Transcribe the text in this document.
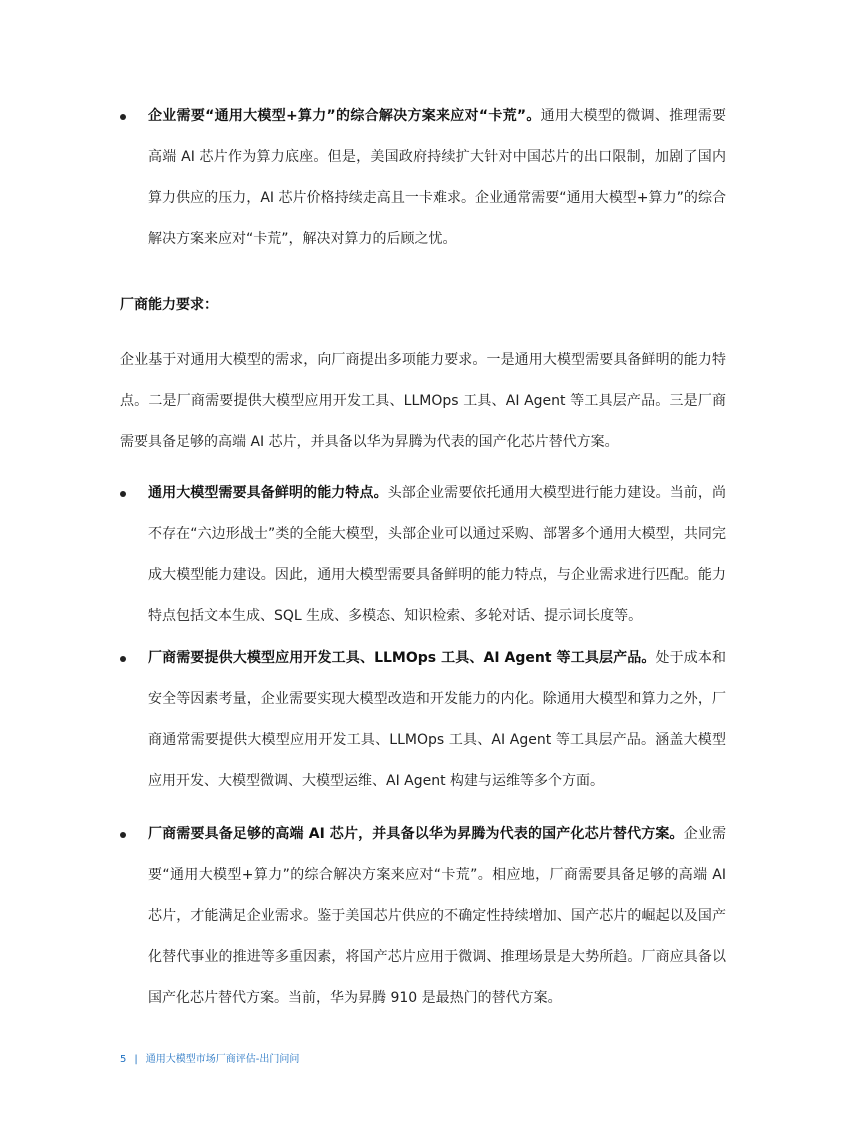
企业需要“通用大模型+算力”的综合解决方案来应对“卡荒”。通用大模型的微调、推理需要高端 AI 芯片作为算力底座。但是，美国政府持续扩大针对中国芯片的出口限制，加剧了国内算力供应的压力，AI 芯片价格持续走高且一卡难求。企业通常需要“通用大模型+算力”的综合解决方案来应对“卡荒”，解决对算力的后顾之忧。
厂商能力要求：
企业基于对通用大模型的需求，向厂商提出多项能力要求。一是通用大模型需要具备鲜明的能力特点。二是厂商需要提供大模型应用开发工具、LLMOps 工具、AI Agent 等工具层产品。三是厂商需要具备足够的高端 AI 芯片，并具备以华为昇腾为代表的国产化芯片替代方案。
通用大模型需要具备鲜明的能力特点。头部企业需要依托通用大模型进行能力建设。当前，尚不存在“六边形战士”类的全能大模型，头部企业可以通过采购、部署多个通用大模型，共同完成大模型能力建设。因此，通用大模型需要具备鲜明的能力特点，与企业需求进行匹配。能力特点包括文本生成、SQL 生成、多模态、知识检索、多轮对话、提示词长度等。
厂商需要提供大模型应用开发工具、LLMOps 工具、AI Agent 等工具层产品。处于成本和安全等因素考量，企业需要实现大模型改造和开发能力的内化。除通用大模型和算力之外，厂商通常需要提供大模型应用开发工具、LLMOps 工具、AI Agent 等工具层产品。涵盖大模型应用开发、大模型微调、大模型运维、AI Agent 构建与运维等多个方面。
厂商需要具备足够的高端 AI 芯片，并具备以华为昇腾为代表的国产化芯片替代方案。企业需要“通用大模型+算力”的综合解决方案来应对“卡荒”。相应地，厂商需要具备足够的高端 AI 芯片，才能满足企业需求。鉴于美国芯片供应的不确定性持续增加、国产芯片的崛起以及国产化替代事业的推进等多重因素，将国产芯片应用于微调、推理场景是大势所趋。厂商应具备以国产化芯片替代方案。当前，华为昇腾 910 是最热门的替代方案。
5 | 通用大模型市场厂商评估-出门问问
